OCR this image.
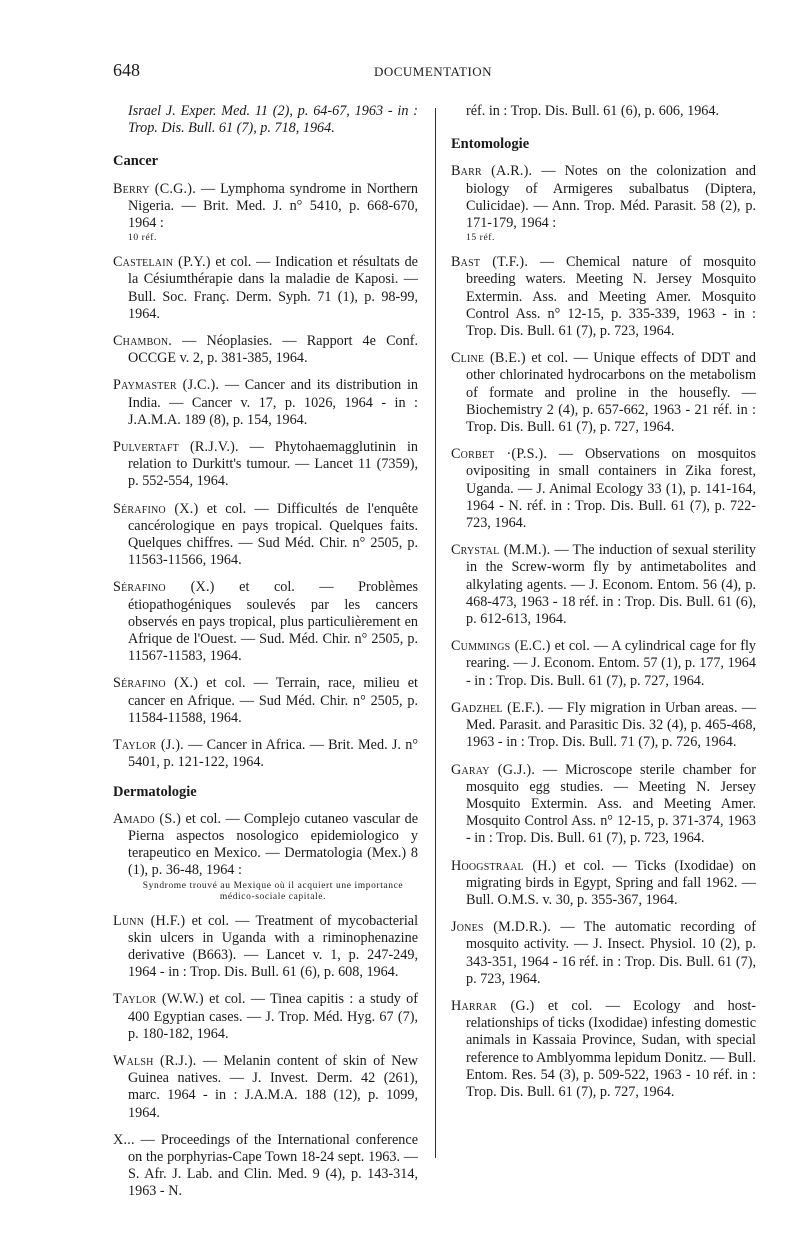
648	DOCUMENTATION

Israel J. Exper. Med. 11 (2), p. 64-67, 1963 - in : Trop. Dis. Bull. 61 (7), p. 718, 1964.

Cancer

Berry (C.G.). — Lymphoma syndrome in Northern Nigeria. — Brit. Med. J. n° 5410, p. 668-670, 1964 :
10 réf.

Castelain (P.Y.) et col. — Indication et résultats de la Césiumthérapie dans la maladie de Kaposi. — Bull. Soc. Franç. Derm. Syph. 71 (1), p. 98-99, 1964.

Chambon. — Néoplasies. — Rapport 4e Conf. OCCGE v. 2, p. 381-385, 1964.

Paymaster (J.C.). — Cancer and its distribution in India. — Cancer v. 17, p. 1026, 1964 - in : J.A.M.A. 189 (8), p. 154, 1964.

Pulvertaft (R.J.V.). — Phytohaemagglutinin in relation to Durkitt's tumour. — Lancet 11 (7359), p. 552-554, 1964.

Sérafino (X.) et col. — Difficultés de l'enquête cancérologique en pays tropical. Quelques faits. Quelques chiffres. — Sud Méd. Chir. n° 2505, p. 11563-11566, 1964.

Sérafino (X.) et col. — Problèmes étiopathogéniques soulevés par les cancers observés en pays tropical, plus particulièrement en Afrique de l'Ouest. — Sud. Méd. Chir. n° 2505, p. 11567-11583, 1964.

Sérafino (X.) et col. — Terrain, race, milieu et cancer en Afrique. — Sud Méd. Chir. n° 2505, p. 11584-11588, 1964.

Taylor (J.). — Cancer in Africa. — Brit. Med. J. n° 5401, p. 121-122, 1964.

Dermatologie

Amado (S.) et col. — Complejo cutaneo vascular de Pierna aspectos nosologico epidemiologico y terapeutico en Mexico. — Dermatologia (Mex.) 8 (1), p. 36-48, 1964 :
Syndrome trouvé au Mexique où il acquiert une importance médico-sociale capitale.

Lunn (H.F.) et col. — Treatment of mycobacterial skin ulcers in Uganda with a riminophenazine derivative (B663). — Lancet v. 1, p. 247-249, 1964 - in : Trop. Dis. Bull. 61 (6), p. 608, 1964.

Taylor (W.W.) et col. — Tinea capitis : a study of 400 Egyptian cases. — J. Trop. Méd. Hyg. 67 (7), p. 180-182, 1964.

Walsh (R.J.). — Melanin content of skin of New Guinea natives. — J. Invest. Derm. 42 (261), marc. 1964 - in : J.A.M.A. 188 (12), p. 1099, 1964.

X... — Proceedings of the International conference on the porphyrias-Cape Town 18-24 sept. 1963. — S. Afr. J. Lab. and Clin. Med. 9 (4), p. 143-314, 1963 - N.

réf. in : Trop. Dis. Bull. 61 (6), p. 606, 1964.

Entomologie

Barr (A.R.). — Notes on the colonization and biology of Armigeres subalbatus (Diptera, Culicidae). — Ann. Trop. Méd. Parasit. 58 (2), p. 171-179, 1964 :
15 réf.

Bast (T.F.). — Chemical nature of mosquito breeding waters. Meeting N. Jersey Mosquito Extermin. Ass. and Meeting Amer. Mosquito Control Ass. n° 12-15, p. 335-339, 1963 - in : Trop. Dis. Bull. 61 (7), p. 723, 1964.

Cline (B.E.) et col. — Unique effects of DDT and other chlorinated hydrocarbons on the metabolism of formate and proline in the housefly. — Biochemistry 2 (4), p. 657-662, 1963 - 21 réf. in : Trop. Dis. Bull. 61 (7), p. 727, 1964.

Corbet ·(P.S.). — Observations on mosquitos ovipositing in small containers in Zika forest, Uganda. — J. Animal Ecology 33 (1), p. 141-164, 1964 - N. réf. in : Trop. Dis. Bull. 61 (7), p. 722-723, 1964.

Crystal (M.M.). — The induction of sexual sterility in the Screw-worm fly by antimetabolites and alkylating agents. — J. Econom. Entom. 56 (4), p. 468-473, 1963 - 18 réf. in : Trop. Dis. Bull. 61 (6), p. 612-613, 1964.

Cummings (E.C.) et col. — A cylindrical cage for fly rearing. — J. Econom. Entom. 57 (1), p. 177, 1964 - in : Trop. Dis. Bull. 61 (7), p. 727, 1964.

Gadzhel (E.F.). — Fly migration in Urban areas. — Med. Parasit. and Parasitic Dis. 32 (4), p. 465-468, 1963 - in : Trop. Dis. Bull. 71 (7), p. 726, 1964.

Garay (G.J.). — Microscope sterile chamber for mosquito egg studies. — Meeting N. Jersey Mosquito Extermin. Ass. and Meeting Amer. Mosquito Control Ass. n° 12-15, p. 371-374, 1963 - in : Trop. Dis. Bull. 61 (7), p. 723, 1964.

Hoogstraal (H.) et col. — Ticks (Ixodidae) on migrating birds in Egypt, Spring and fall 1962. — Bull. O.M.S. v. 30, p. 355-367, 1964.

Jones (M.D.R.). — The automatic recording of mosquito activity. — J. Insect. Physiol. 10 (2), p. 343-351, 1964 - 16 réf. in : Trop. Dis. Bull. 61 (7), p. 723, 1964.

Harrar (G.) et col. — Ecology and host-relationships of ticks (Ixodidae) infesting domestic animals in Kassaia Province, Sudan, with special reference to Amblyomma lepidum Donitz. — Bull. Entom. Res. 54 (3), p. 509-522, 1963 - 10 réf. in : Trop. Dis. Bull. 61 (7), p. 727, 1964.
